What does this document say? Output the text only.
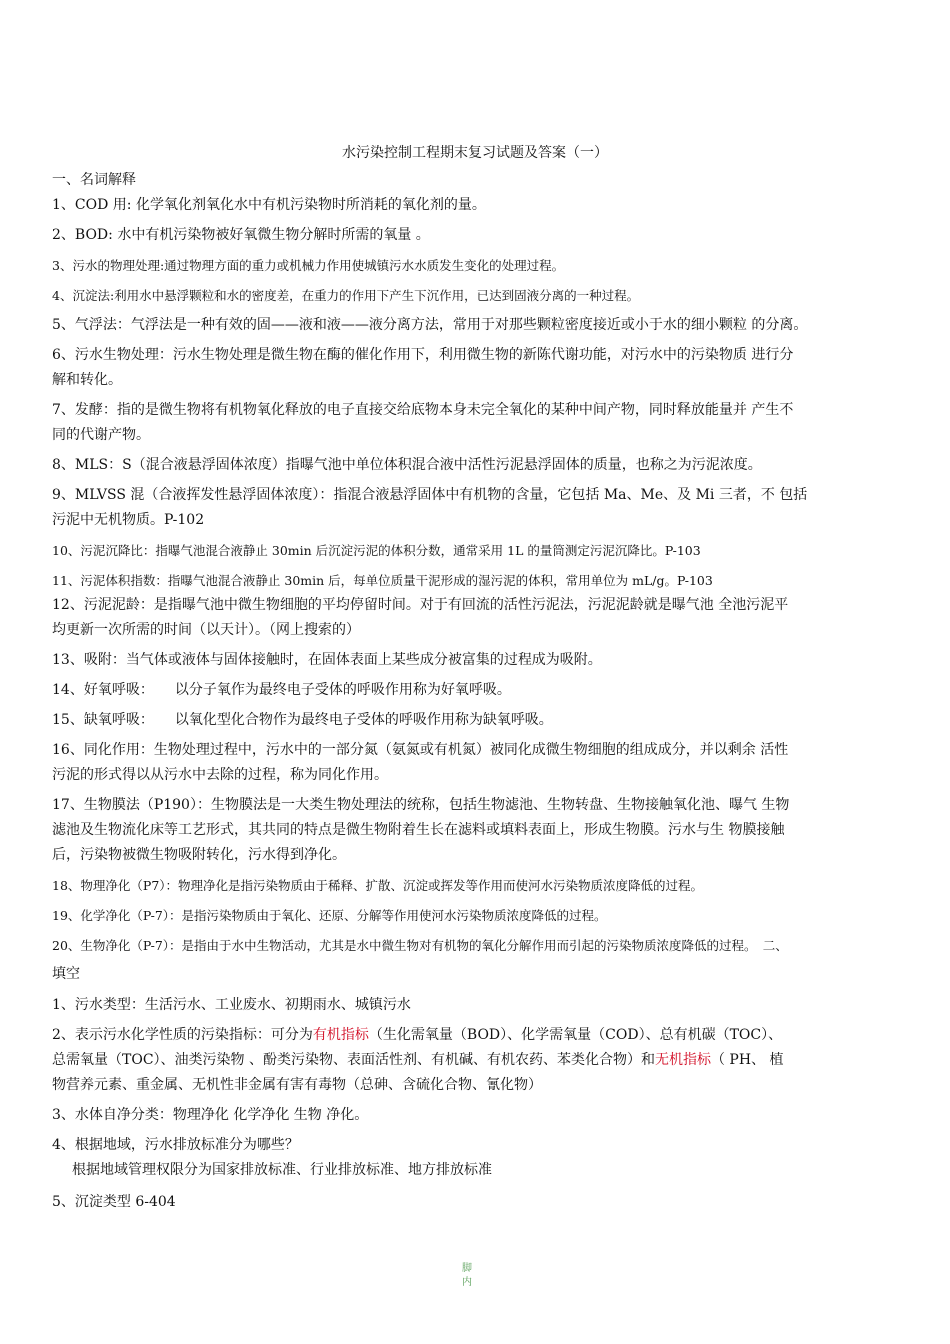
水污染控制工程期末复习试题及答案（一）
一、名词解释
1、COD 用: 化学氧化剂氧化水中有机污染物时所消耗的氧化剂的量。
2、BOD: 水中有机污染物被好氧微生物分解时所需的氧量 。
3、污水的物理处理:通过物理方面的重力或机械力作用使城镇污水水质发生变化的处理过程。
4、沉淀法:利用水中悬浮颗粒和水的密度差，在重力的作用下产生下沉作用，已达到固液分离的一种过程。
5、气浮法：气浮法是一种有效的固——液和液——液分离方法，常用于对那些颗粒密度接近或小于水的细小颗粒 的分离。
6、污水生物处理：污水生物处理是微生物在酶的催化作用下，利用微生物的新陈代谢功能，对污水中的污染物质 进行分
解和转化。
7、发酵：指的是微生物将有机物氧化释放的电子直接交给底物本身未完全氧化的某种中间产物，同时释放能量并 产生不
同的代谢产物。
8、MLS：S（混合液悬浮固体浓度）指曝气池中单位体积混合液中活性污泥悬浮固体的质量，也称之为污泥浓度。
9、MLVSS 混（合液挥发性悬浮固体浓度）：指混合液悬浮固体中有机物的含量，它包括 Ma、Me、及 Mi 三者，不 包括
污泥中无机物质。P-102
10、污泥沉降比：指曝气池混合液静止 30min 后沉淀污泥的体积分数，通常采用 1L 的量筒测定污泥沉降比。P-103
11、污泥体积指数：指曝气池混合液静止 30min 后，每单位质量干泥形成的湿污泥的体积，常用单位为 mL/g。P-103
12、污泥泥龄：是指曝气池中微生物细胞的平均停留时间。对于有回流的活性污泥法，污泥泥龄就是曝气池 全池污泥平
均更新一次所需的时间（以天计）。（网上搜索的）
13、吸附：当气体或液体与固体接触时，在固体表面上某些成分被富集的过程成为吸附。
14、好氧呼吸：　　以分子氧作为最终电子受体的呼吸作用称为好氧呼吸。
15、缺氧呼吸：　　以氧化型化合物作为最终电子受体的呼吸作用称为缺氧呼吸。
16、同化作用：生物处理过程中，污水中的一部分氮（氨氮或有机氮）被同化成微生物细胞的组成成分，并以剩余 活性
污泥的形式得以从污水中去除的过程，称为同化作用。
17、生物膜法（P190）：生物膜法是一大类生物处理法的统称，包括生物滤池、生物转盘、生物接触氧化池、曝气 生物
滤池及生物流化床等工艺形式，其共同的特点是微生物附着生长在滤料或填料表面上，形成生物膜。污水与生 物膜接触
后，污染物被微生物吸附转化，污水得到净化。
18、物理净化（P7）：物理净化是指污染物质由于稀释、扩散、沉淀或挥发等作用而使河水污染物质浓度降低的过程。
19、化学净化（P-7）：是指污染物质由于氧化、还原、分解等作用使河水污染物质浓度降低的过程。
20、生物净化（P-7）：是指由于水中生物活动，尤其是水中微生物对有机物的氧化分解作用而引起的污染物质浓度降低的过程。　二、
填空
1、污水类型：生活污水、工业废水、初期雨水、城镇污水
2、表示污水化学性质的污染指标：可分为有机指标（生化需氧量（BOD）、化学需氧量（COD）、总有机碳（TOC）、
总需氧量（TOC）、油类污染物 、酚类污染物、表面活性剂、有机碱、有机农药、苯类化合物）和无机指标（ PH、 植
物营养元素、重金属、无机性非金属有害有毒物（总砷、含硫化合物、氰化物）
3、水体自净分类：物理净化 化学净化 生物 净化。
4、根据地域，污水排放标准分为哪些？
根据地域管理权限分为国家排放标准、行业排放标准、地方排放标准
5、沉淀类型 6-404
脚
内
